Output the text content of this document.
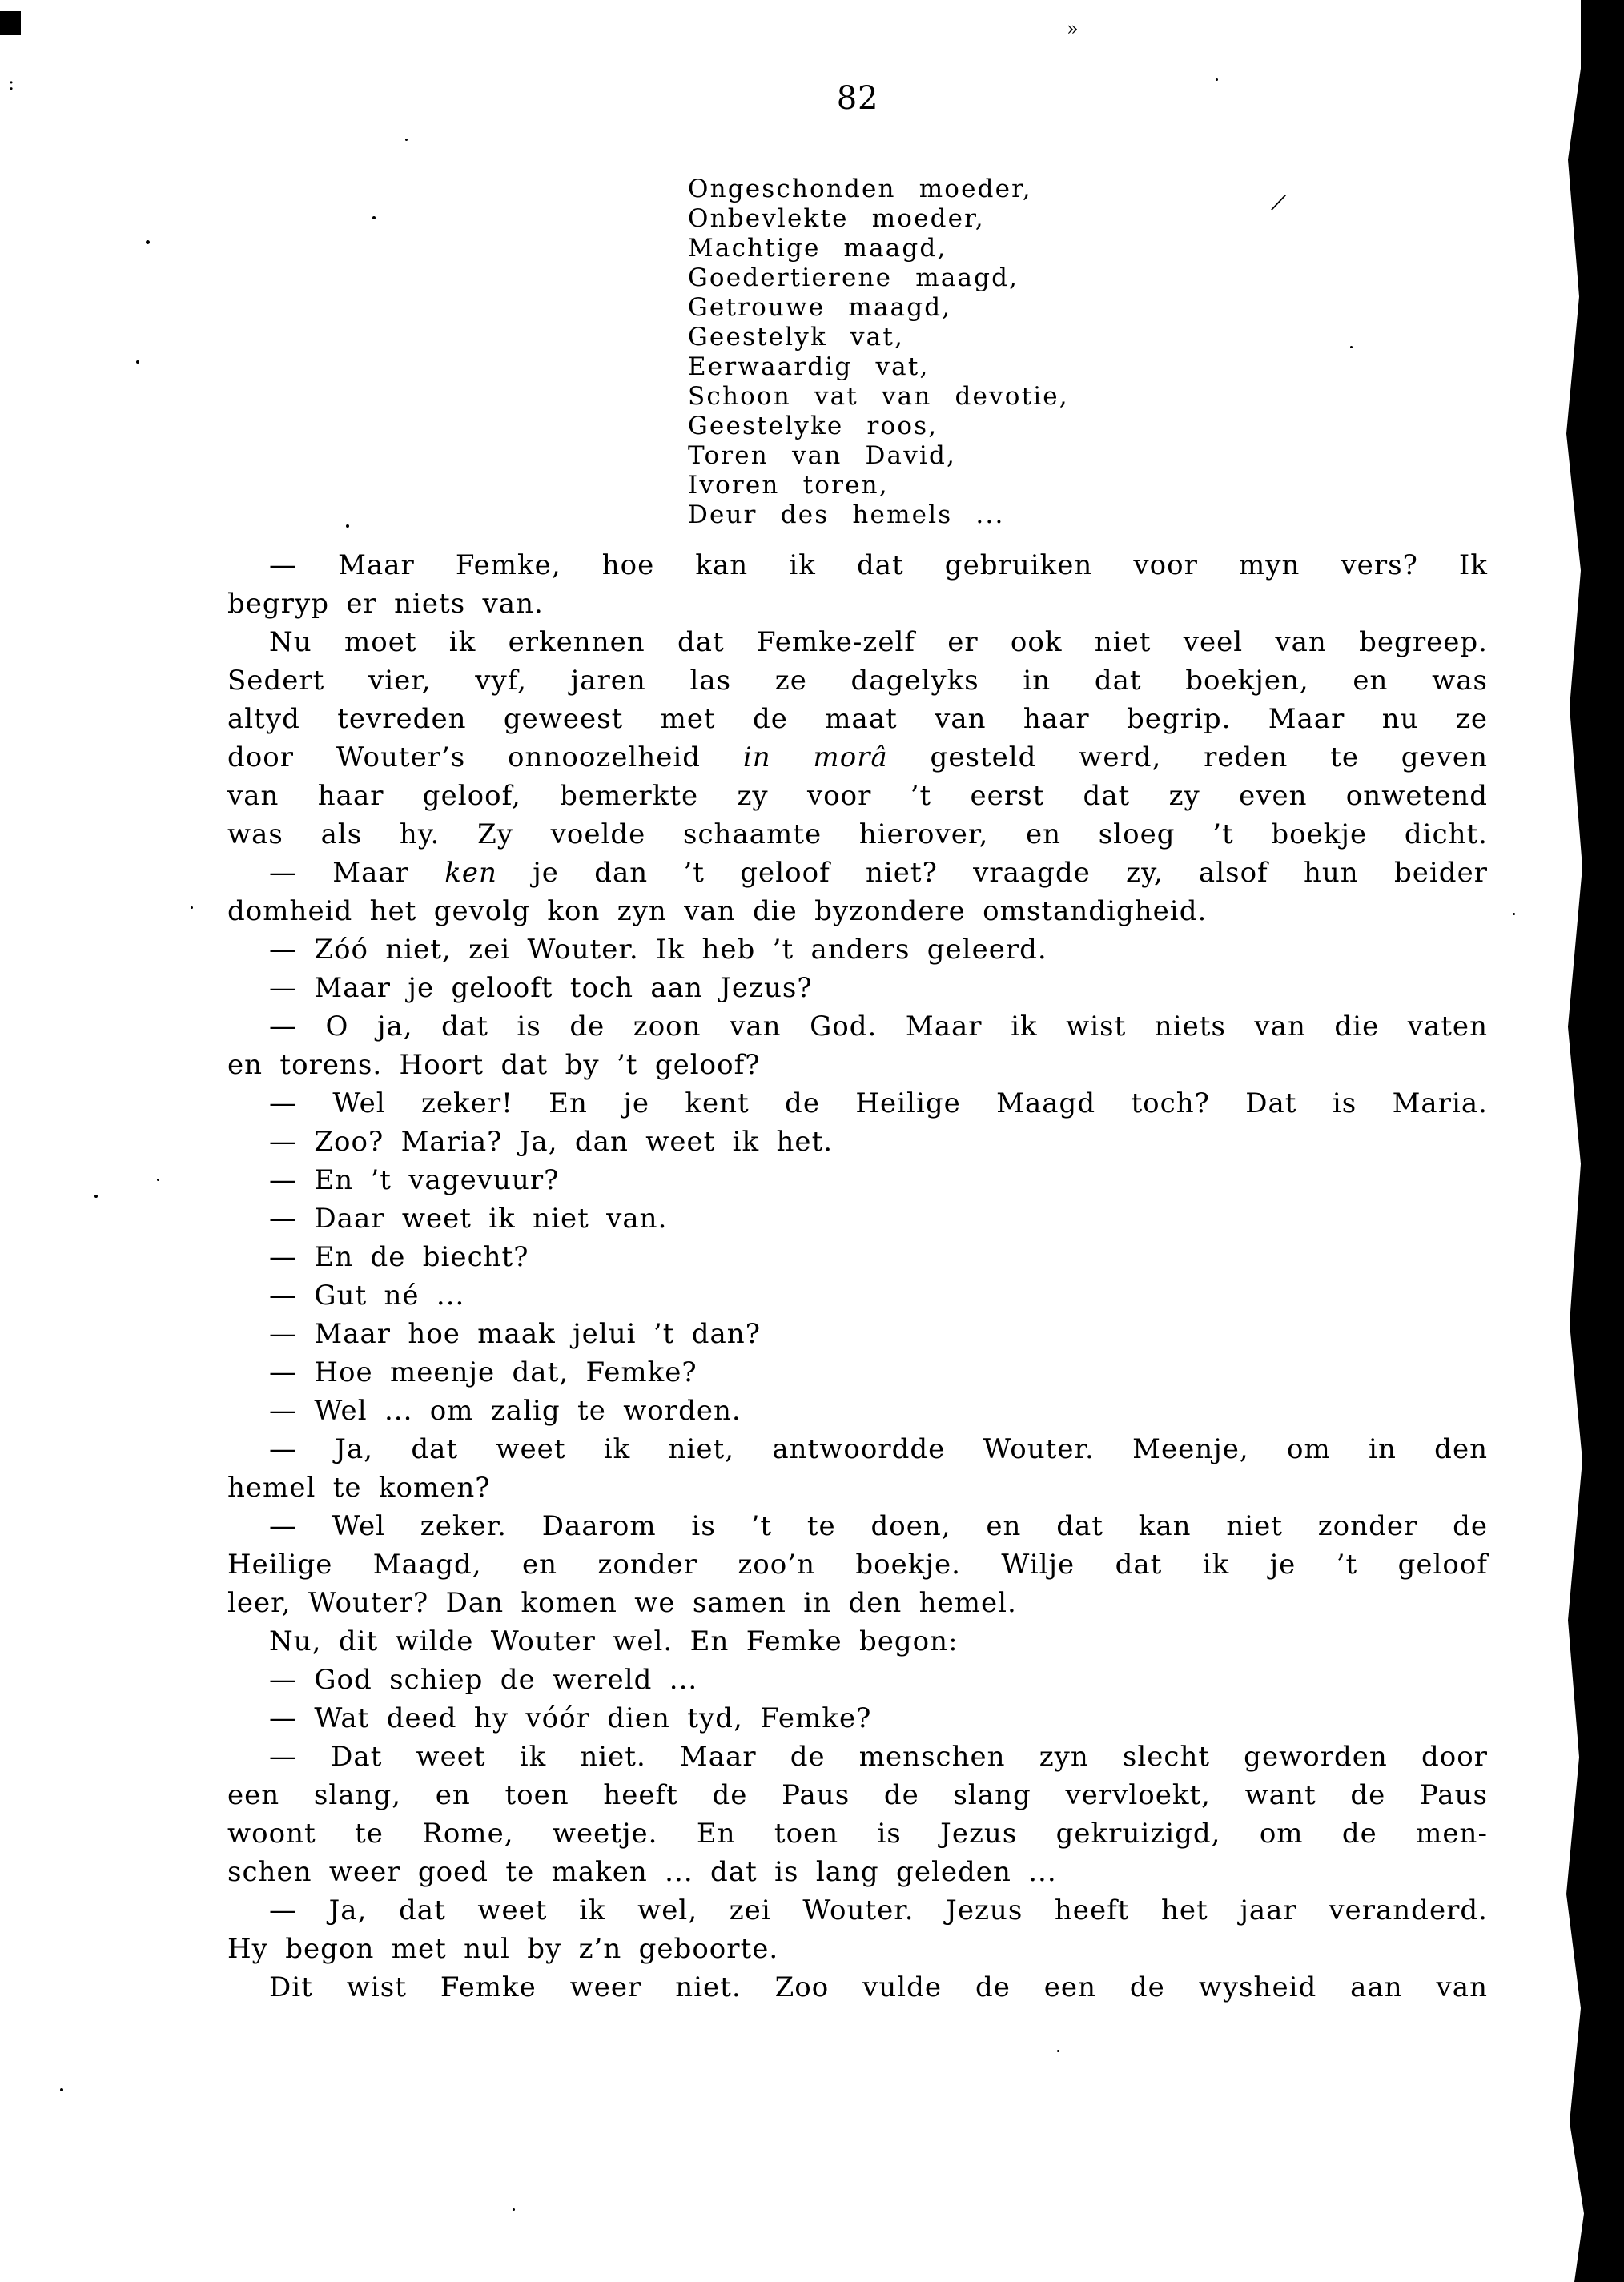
82
Ongeschonden moeder,
Onbevlekte moeder,
Machtige maagd,
Goedertierene maagd,
Getrouwe maagd,
Geestelyk vat,
Eerwaardig vat,
Schoon vat van devotie,
Geestelyke roos,
Toren van David,
Ivoren toren,
Deur des hemels ...
— Maar Femke, hoe kan ik dat gebruiken voor myn vers? Ik
begryp er niets van.
Nu moet ik erkennen dat Femke-zelf er ook niet veel van begreep.
Sedert vier, vyf, jaren las ze dagelyks in dat boekjen, en was
altyd tevreden geweest met de maat van haar begrip. Maar nu ze
door Wouter’s onnoozelheid in morâ gesteld werd, reden te geven
van haar geloof, bemerkte zy voor ’t eerst dat zy even onwetend
was als hy. Zy voelde schaamte hierover, en sloeg ’t boekje dicht.
— Maar ken je dan ’t geloof niet? vraagde zy, alsof hun beider
domheid het gevolg kon zyn van die byzondere omstandigheid.
— Zóó niet, zei Wouter. Ik heb ’t anders geleerd.
— Maar je gelooft toch aan Jezus?
— O ja, dat is de zoon van God. Maar ik wist niets van die vaten
en torens. Hoort dat by ’t geloof?
— Wel zeker! En je kent de Heilige Maagd toch? Dat is Maria.
— Zoo? Maria? Ja, dan weet ik het.
— En ’t vagevuur?
— Daar weet ik niet van.
— En de biecht?
— Gut né ...
— Maar hoe maak jelui ’t dan?
— Hoe meenje dat, Femke?
— Wel ... om zalig te worden.
— Ja, dat weet ik niet, antwoordde Wouter. Meenje, om in den
hemel te komen?
— Wel zeker. Daarom is ’t te doen, en dat kan niet zonder de
Heilige Maagd, en zonder zoo’n boekje. Wilje dat ik je ’t geloof
leer, Wouter? Dan komen we samen in den hemel.
Nu, dit wilde Wouter wel. En Femke begon:
— God schiep de wereld ...
— Wat deed hy vóór dien tyd, Femke?
— Dat weet ik niet. Maar de menschen zyn slecht geworden door
een slang, en toen heeft de Paus de slang vervloekt, want de Paus
woont te Rome, weetje. En toen is Jezus gekruizigd, om de men-
schen weer goed te maken ... dat is lang geleden ...
— Ja, dat weet ik wel, zei Wouter. Jezus heeft het jaar veranderd.
Hy begon met nul by z’n geboorte.
Dit wist Femke weer niet. Zoo vulde de een de wysheid aan van
»
⁄
:
